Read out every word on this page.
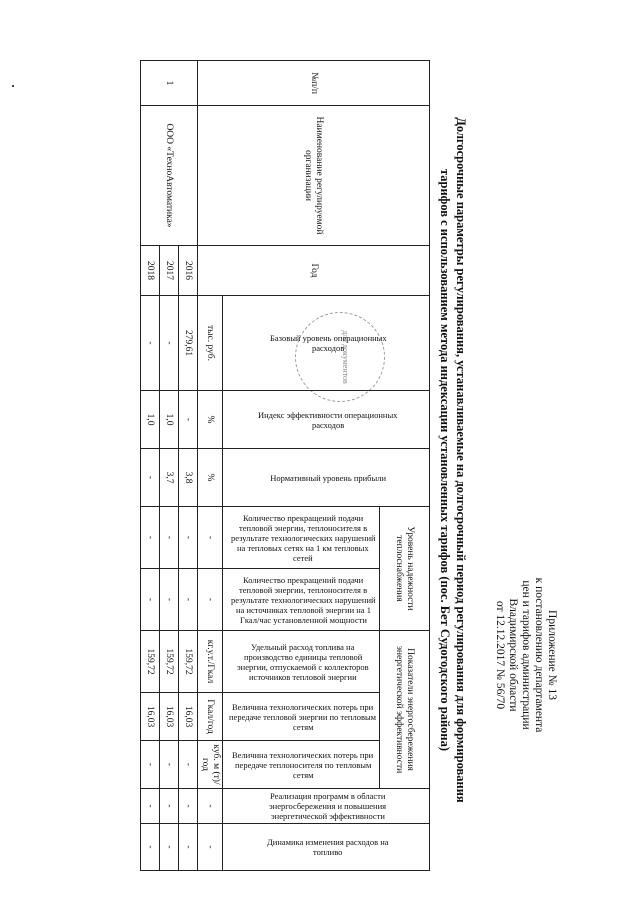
Приложение № 13
к постановлению департамента
цен и тарифов администрации
Владимирской области
от 12.12.2017 № 56/70
Долгосрочные параметры регулирования, устанавливаемые на долгосрочный период регулирования для формирования
тарифов с использованием метода индексации установленных тарифов (пос. Бет Судогодского района)
для документов
№п/п	Наименование регулируемой организации	Год	Базовый уровень операционных расходов	Индекс эффективности операционных расходов	Нормативный уровень прибыли	Уровень надежности теплоснабжения		Показатели энергосбережения энергетической эффективности			Реализация программ в области энергосбережения и повышения энергетической эффективности	Динамика изменения расходов на топливо
						Количество прекращений подачи тепловой энергии, теплоносителя в результате технологических нарушений на тепловых сетях на 1 км тепловых сетей	Количество прекращений подачи тепловой энергии, теплоносителя в результате технологических нарушений на источниках тепловой энергии на 1 Гкал/час установленной мощности	Удельный расход топлива на производство единицы тепловой энергии, отпускаемой с коллекторов источников тепловой энергии	Величина технологических потерь при передаче тепловой энергии по тепловым сетям	Величина технологических потерь при передаче теплоносителя по тепловым сетям		
			тыс. руб.	%	%	-	-	кг.у.т./Гкал	Гкал/год	куб. м (т)/год	-	-
1	ООО «ТехноАвтоматика»	2016	279,61	-	3,8	-	-	159,72	16,03	-	-	-
		2017	-	1,0	3,7	-	-	159,72	16,03	-	-	-
		2018	-	1,0	-	-	-	159,72	16,03	-	-	-
